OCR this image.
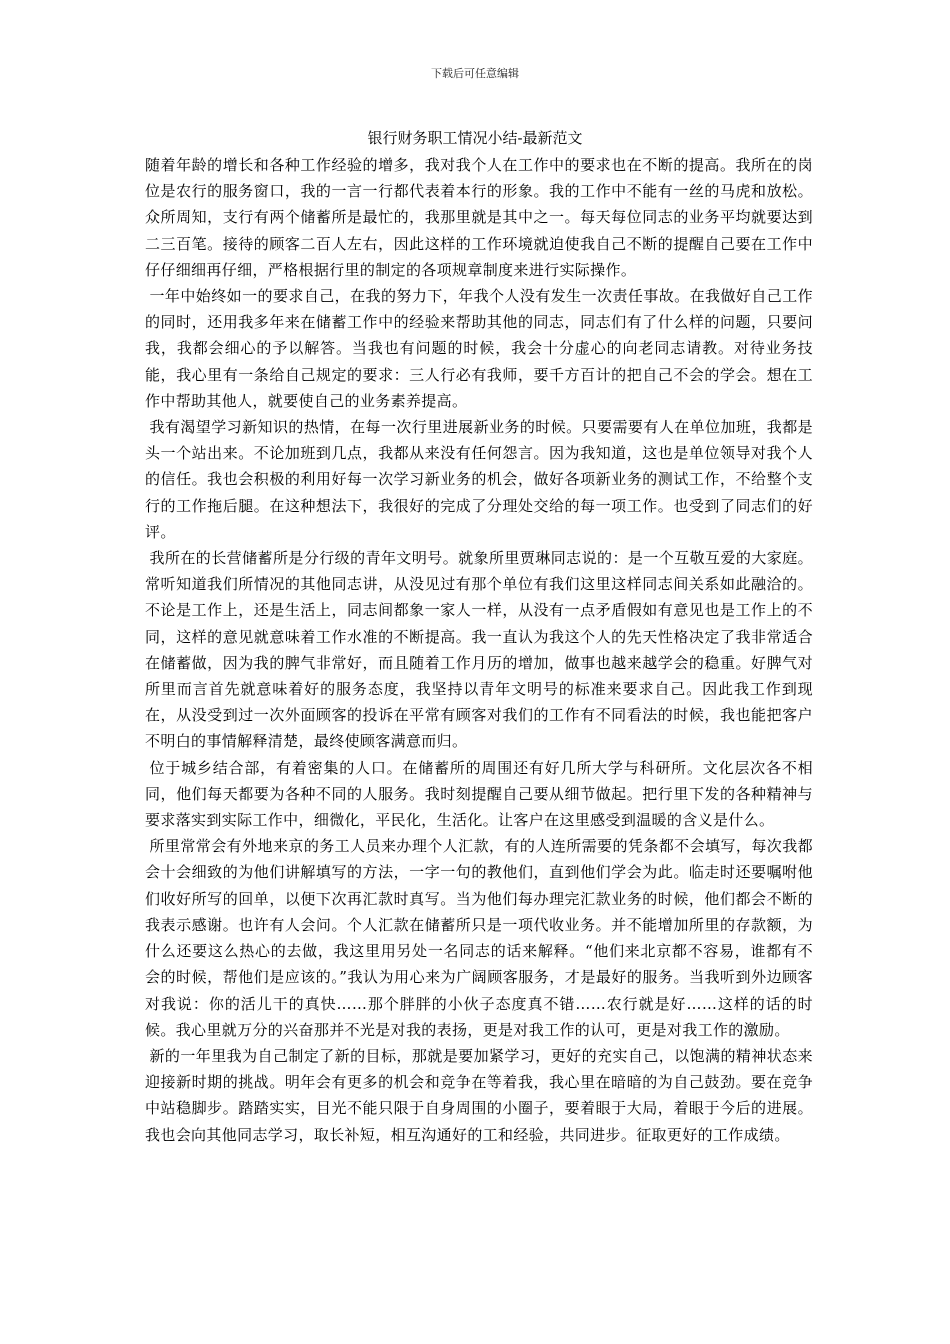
下载后可任意编辑
银行财务职工情况小结-最新范文

随着年龄的增长和各种工作经验的增多，我对我个人在工作中的要求也在不断的提高。我所在的岗位是农行的服务窗口，我的一言一行都代表着本行的形象。我的工作中不能有一丝的马虎和放松。众所周知，支行有两个储蓄所是最忙的，我那里就是其中之一。每天每位同志的业务平均就要达到二三百笔。接待的顾客二百人左右，因此这样的工作环境就迫使我自己不断的提醒自己要在工作中仔仔细细再仔细，严格根据行里的制定的各项规章制度来进行实际操作。

一年中始终如一的要求自己，在我的努力下，年我个人没有发生一次责任事故。在我做好自己工作的同时，还用我多年来在储蓄工作中的经验来帮助其他的同志，同志们有了什么样的问题，只要问我，我都会细心的予以解答。当我也有问题的时候，我会十分虚心的向老同志请教。对待业务技能，我心里有一条给自己规定的要求：三人行必有我师，要千方百计的把自己不会的学会。想在工作中帮助其他人，就要使自己的业务素养提高。

我有渴望学习新知识的热情，在每一次行里进展新业务的时候。只要需要有人在单位加班，我都是头一个站出来。不论加班到几点，我都从来没有任何怨言。因为我知道，这也是单位领导对我个人的信任。我也会积极的利用好每一次学习新业务的机会，做好各项新业务的测试工作，不给整个支行的工作拖后腿。在这种想法下，我很好的完成了分理处交给的每一项工作。也受到了同志们的好评。

我所在的长营储蓄所是分行级的青年文明号。就象所里贾琳同志说的：是一个互敬互爱的大家庭。常听知道我们所情况的其他同志讲，从没见过有那个单位有我们这里这样同志间关系如此融洽的。不论是工作上，还是生活上，同志间都象一家人一样，从没有一点矛盾假如有意见也是工作上的不同，这样的意见就意味着工作水准的不断提高。我一直认为我这个人的先天性格决定了我非常适合在储蓄做，因为我的脾气非常好，而且随着工作月历的增加，做事也越来越学会的稳重。好脾气对所里而言首先就意味着好的服务态度，我坚持以青年文明号的标准来要求自己。因此我工作到现在，从没受到过一次外面顾客的投诉在平常有顾客对我们的工作有不同看法的时候，我也能把客户不明白的事情解释清楚，最终使顾客满意而归。

位于城乡结合部，有着密集的人口。在储蓄所的周围还有好几所大学与科研所。文化层次各不相同，他们每天都要为各种不同的人服务。我时刻提醒自己要从细节做起。把行里下发的各种精神与要求落实到实际工作中，细微化，平民化，生活化。让客户在这里感受到温暖的含义是什么。

所里常常会有外地来京的务工人员来办理个人汇款，有的人连所需要的凭条都不会填写，每次我都会十会细致的为他们讲解填写的方法，一字一句的教他们，直到他们学会为此。临走时还要嘱咐他们收好所写的回单，以便下次再汇款时真写。当为他们每办理完汇款业务的时候，他们都会不断的我表示感谢。也许有人会问。个人汇款在储蓄所只是一项代收业务。并不能增加所里的存款额，为什么还要这么热心的去做，我这里用另处一名同志的话来解释。“他们来北京都不容易，谁都有不会的时候，帮他们是应该的。”我认为用心来为广阔顾客服务，才是最好的服务。当我听到外边顾客对我说：你的活儿干的真快……那个胖胖的小伙子态度真不错……农行就是好……这样的话的时候。我心里就万分的兴奋那并不光是对我的表扬，更是对我工作的认可，更是对我工作的激励。

新的一年里我为自己制定了新的目标，那就是要加紧学习，更好的充实自己，以饱满的精神状态来迎接新时期的挑战。明年会有更多的机会和竞争在等着我，我心里在暗暗的为自己鼓劲。要在竞争中站稳脚步。踏踏实实，目光不能只限于自身周围的小圈子，要着眼于大局，着眼于今后的进展。我也会向其他同志学习，取长补短，相互沟通好的工和经验，共同进步。征取更好的工作成绩。
